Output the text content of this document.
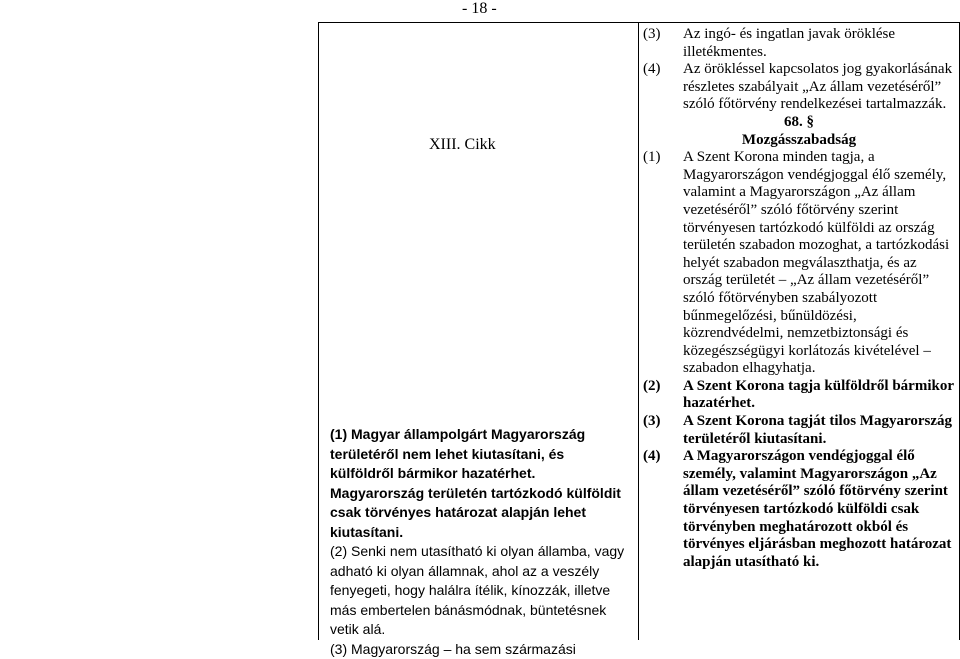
- 18 -
XIII. Cikk

(1) Magyar állampolgárt Magyarország területéről nem lehet kiutasítani, és külföldről bármikor hazatérhet. Magyarország területén tartózkodó külföldit csak törvényes határozat alapján lehet kiutasítani.

(2) Senki nem utasítható ki olyan államba, vagy adható ki olyan államnak, ahol az a veszély fenyegeti, hogy halálra ítélik, kínozzák, illetve más embertelen bánásmódnak, büntetésnek vetik alá.

(3) Magyarország – ha sem származási

(3)	Az ingó- és ingatlan javak öröklése illetékmentes.
(4)	Az örökléssel kapcsolatos jog gyakorlásának részletes szabályait „Az állam vezetéséről” szóló főtörvény rendelkezései tartalmazzák.
68. §
Mozgásszabadság
(1)	A Szent Korona minden tagja, a Magyarországon vendégjoggal élő személy, valamint a Magyarországon „Az állam vezetéséről” szóló főtörvény szerint törvényesen tartózkodó külföldi az ország területén szabadon mozoghat, a tartózkodási helyét szabadon megválaszthatja, és az ország területét – „Az állam vezetéséről” szóló főtörvényben szabályozott bűnmegelőzési, bűnüldözési, közrendvédelmi, nemzetbiztonsági és közegészségügyi korlátozás kivételével – szabadon elhagyhatja.
(2)	A Szent Korona tagja külföldről bármikor hazatérhet.
(3)	A Szent Korona tagját tilos Magyarország területéről kiutasítani.
(4)	A Magyarországon vendégjoggal élő személy, valamint Magyarországon „Az állam vezetéséről” szóló főtörvény szerint törvényesen tartózkodó külföldi csak törvényben meghatározott okból és törvényes eljárásban meghozott határozat alapján utasítható ki.
